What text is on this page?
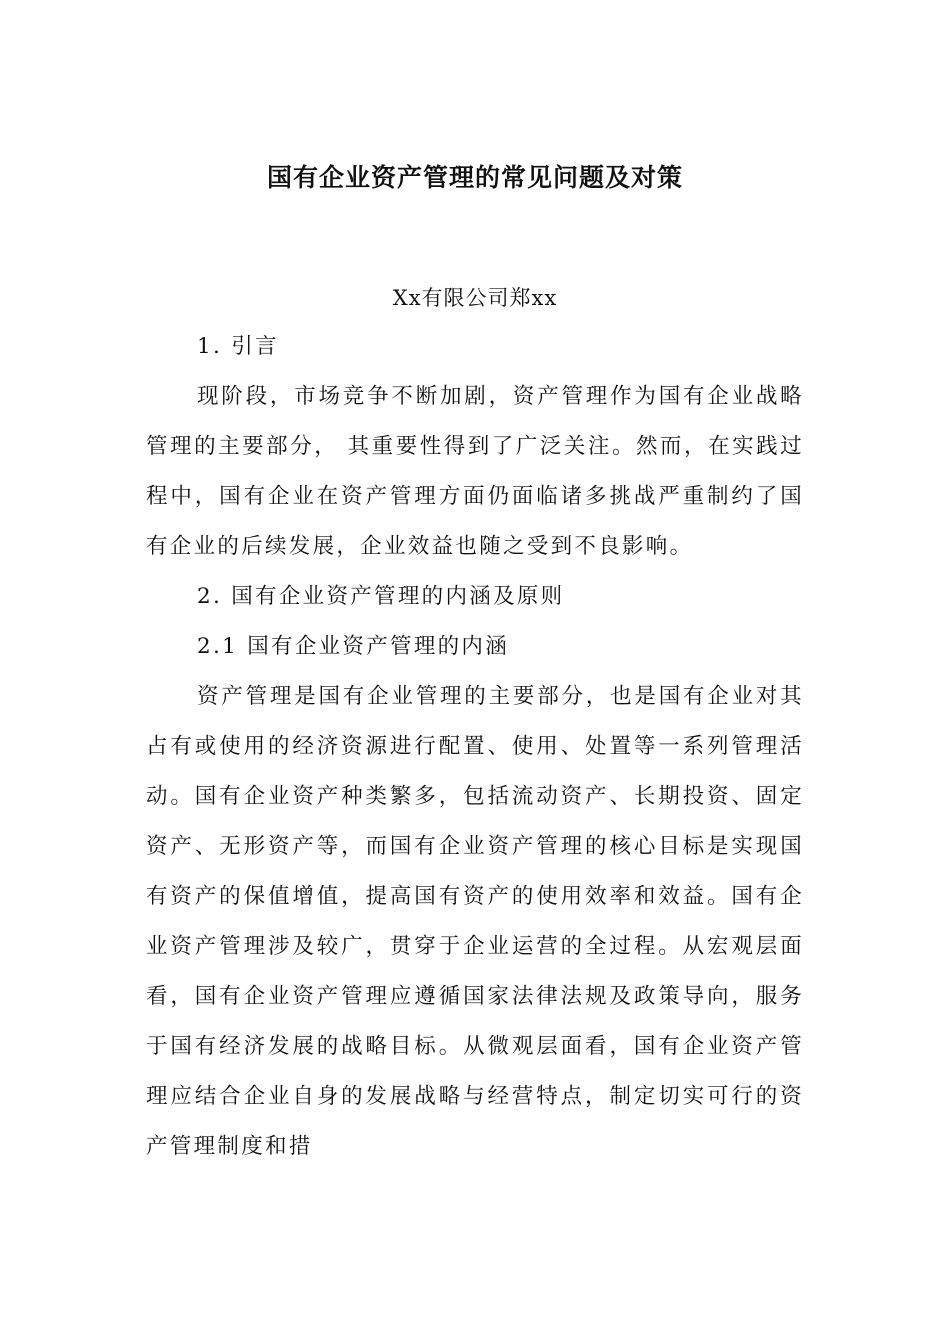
国有企业资产管理的常见问题及对策
Xx有限公司郑xx

1. 引言

现阶段，市场竞争不断加剧，资产管理作为国有企业战略管理的主要部分， 其重要性得到了广泛关注。然而，在实践过程中，国有企业在资产管理方面仍面临诸多挑战严重制约了国有企业的后续发展，企业效益也随之受到不良影响。

2. 国有企业资产管理的内涵及原则

2.1 国有企业资产管理的内涵

资产管理是国有企业管理的主要部分，也是国有企业对其占有或使用的经济资源进行配置、使用、处置等一系列管理活动。国有企业资产种类繁多，包括流动资产、长期投资、固定资产、无形资产等，而国有企业资产管理的核心目标是实现国有资产的保值增值，提高国有资产的使用效率和效益。国有企业资产管理涉及较广，贯穿于企业运营的全过程。从宏观层面看，国有企业资产管理应遵循国家法律法规及政策导向，服务于国有经济发展的战略目标。从微观层面看，国有企业资产管理应结合企业自身的发展战略与经营特点，制定切实可行的资产管理制度和措
